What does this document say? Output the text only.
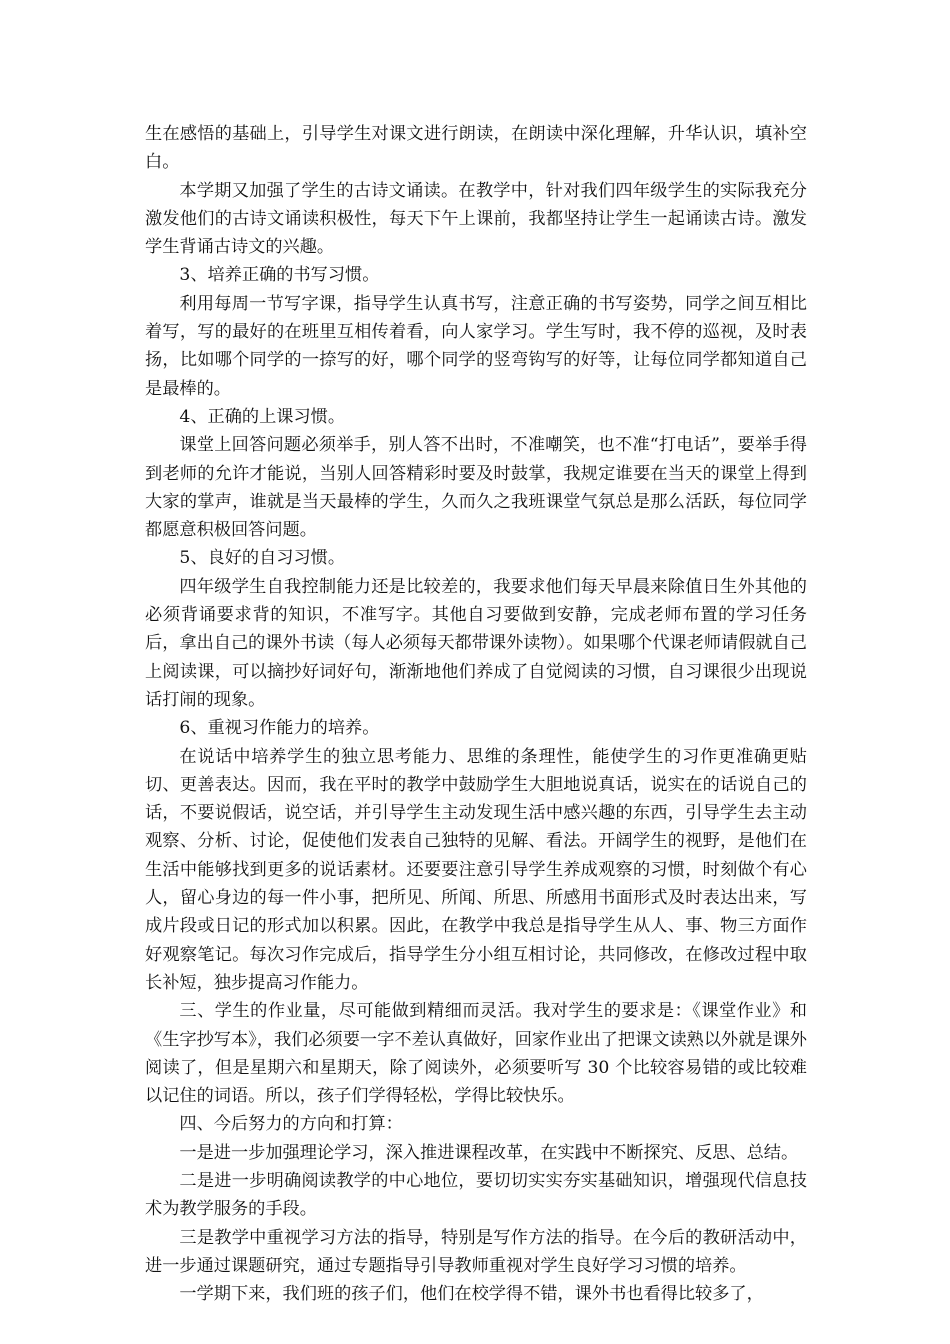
生在感悟的基础上，引导学生对课文进行朗读，在朗读中深化理解，升华认识，填补空白。

本学期又加强了学生的古诗文诵读。在教学中，针对我们四年级学生的实际我充分激发他们的古诗文诵读积极性，每天下午上课前，我都坚持让学生一起诵读古诗。激发学生背诵古诗文的兴趣。

3、培养正确的书写习惯。

利用每周一节写字课，指导学生认真书写，注意正确的书写姿势，同学之间互相比着写，写的最好的在班里互相传着看，向人家学习。学生写时，我不停的巡视，及时表扬，比如哪个同学的一捺写的好，哪个同学的竖弯钩写的好等，让每位同学都知道自己是最棒的。

4、正确的上课习惯。

课堂上回答问题必须举手，别人答不出时，不准嘲笑，也不准“打电话”，要举手得到老师的允许才能说，当别人回答精彩时要及时鼓掌，我规定谁要在当天的课堂上得到大家的掌声，谁就是当天最棒的学生，久而久之我班课堂气氛总是那么活跃，每位同学都愿意积极回答问题。

5、良好的自习习惯。

四年级学生自我控制能力还是比较差的，我要求他们每天早晨来除值日生外其他的必须背诵要求背的知识，不准写字。其他自习要做到安静，完成老师布置的学习任务后，拿出自己的课外书读（每人必须每天都带课外读物）。如果哪个代课老师请假就自己上阅读课，可以摘抄好词好句，渐渐地他们养成了自觉阅读的习惯，自习课很少出现说话打闹的现象。

6、重视习作能力的培养。

在说话中培养学生的独立思考能力、思维的条理性，能使学生的习作更准确更贴切、更善表达。因而，我在平时的教学中鼓励学生大胆地说真话，说实在的话说自己的话，不要说假话，说空话，并引导学生主动发现生活中感兴趣的东西，引导学生去主动观察、分析、讨论，促使他们发表自己独特的见解、看法。开阔学生的视野，是他们在生活中能够找到更多的说话素材。还要要注意引导学生养成观察的习惯，时刻做个有心人，留心身边的每一件小事，把所见、所闻、所思、所感用书面形式及时表达出来，写成片段或日记的形式加以积累。因此，在教学中我总是指导学生从人、事、物三方面作好观察笔记。每次习作完成后，指导学生分小组互相讨论，共同修改，在修改过程中取长补短，独步提高习作能力。

三、学生的作业量，尽可能做到精细而灵活。我对学生的要求是：《课堂作业》和《生字抄写本》，我们必须要一字不差认真做好，回家作业出了把课文读熟以外就是课外阅读了，但是星期六和星期天，除了阅读外，必须要听写 30 个比较容易错的或比较难以记住的词语。所以，孩子们学得轻松，学得比较快乐。

四、今后努力的方向和打算：

一是进一步加强理论学习，深入推进课程改革，在实践中不断探究、反思、总结。

二是进一步明确阅读教学的中心地位，要切切实实夯实基础知识，增强现代信息技术为教学服务的手段。

三是教学中重视学习方法的指导，特别是写作方法的指导。在今后的教研活动中，进一步通过课题研究，通过专题指导引导教师重视对学生良好学习习惯的培养。

一学期下来，我们班的孩子们，他们在校学得不错，课外书也看得比较多了，
